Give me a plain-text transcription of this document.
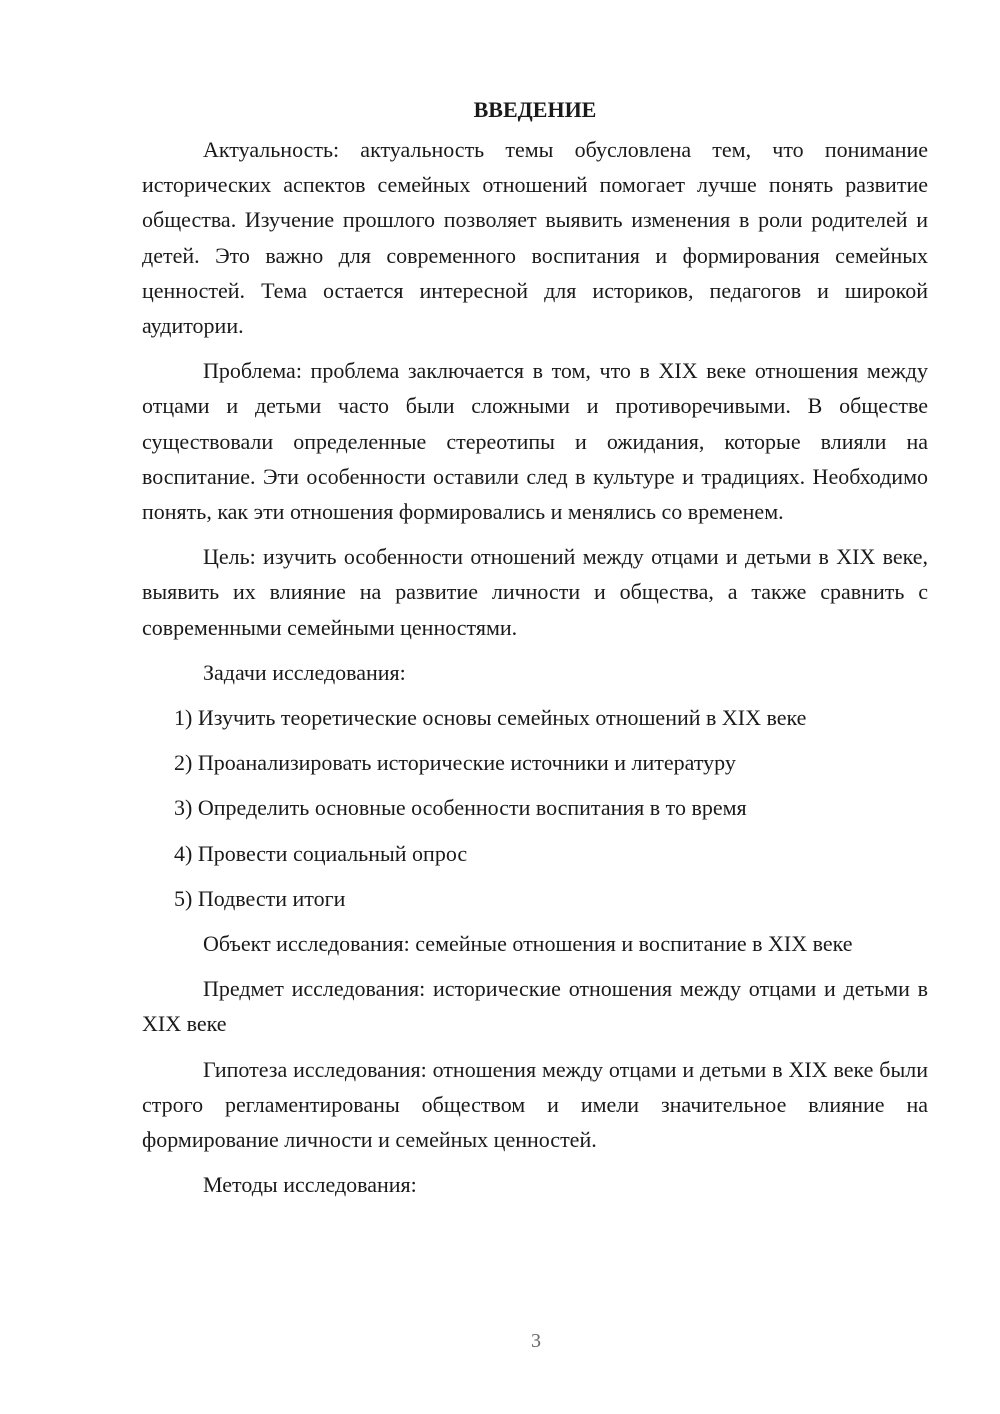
ВВЕДЕНИЕ

Актуальность: актуальность темы обусловлена тем, что понимание исторических аспектов семейных отношений помогает лучше понять развитие общества. Изучение прошлого позволяет выявить изменения в роли родителей и детей. Это важно для современного воспитания и формирования семейных ценностей. Тема остается интересной для историков, педагогов и широкой аудитории.

Проблема: проблема заключается в том, что в XIX веке отношения между отцами и детьми часто были сложными и противоречивыми. В обществе существовали определенные стереотипы и ожидания, которые влияли на воспитание. Эти особенности оставили след в культуре и традициях. Необходимо понять, как эти отношения формировались и менялись со временем.

Цель: изучить особенности отношений между отцами и детьми в XIX веке, выявить их влияние на развитие личности и общества, а также сравнить с современными семейными ценностями.

Задачи исследования:

1) Изучить теоретические основы семейных отношений в XIX веке

2) Проанализировать исторические источники и литературу

3) Определить основные особенности воспитания в то время

4) Провести социальный опрос

5) Подвести итоги

Объект исследования: семейные отношения и воспитание в XIX веке

Предмет исследования: исторические отношения между отцами и детьми в XIX веке

Гипотеза исследования: отношения между отцами и детьми в XIX веке были строго регламентированы обществом и имели значительное влияние на формирование личности и семейных ценностей.

Методы исследования:

3
